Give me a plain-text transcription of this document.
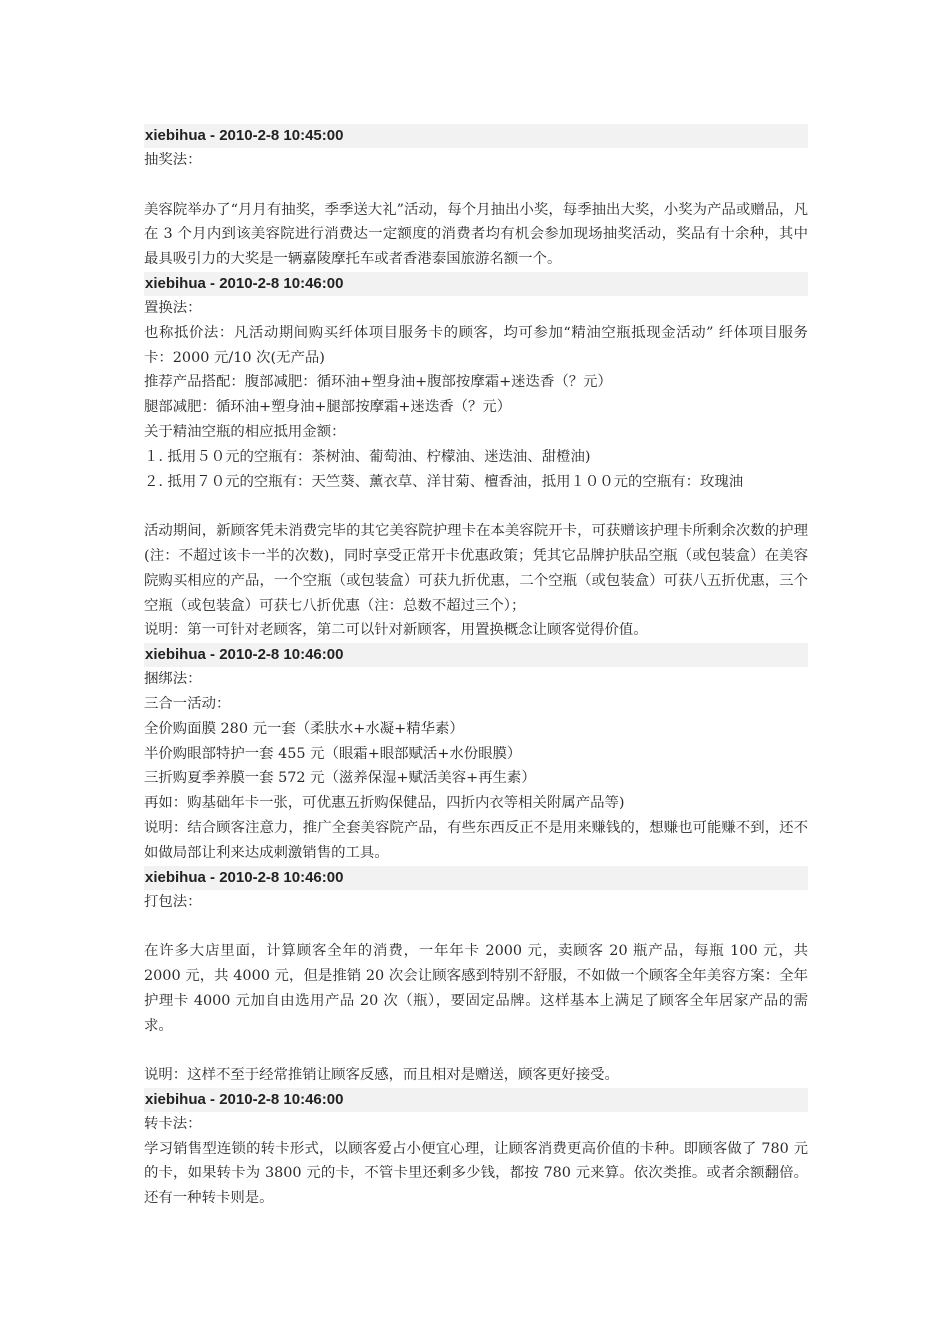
xiebihua - 2010-2-8 10:45:00
抽奖法：
美容院举办了“月月有抽奖，季季送大礼”活动，每个月抽出小奖，每季抽出大奖，小奖为产品或赠品，凡在 3 个月内到该美容院进行消费达一定额度的消费者均有机会参加现场抽奖活动，奖品有十余种，其中最具吸引力的大奖是一辆嘉陵摩托车或者香港泰国旅游名额一个。
xiebihua - 2010-2-8 10:46:00
置换法：
也称抵价法：凡活动期间购买纤体项目服务卡的顾客，均可参加“精油空瓶抵现金活动” 纤体项目服务卡：2000 元/10 次(无产品)
推荐产品搭配：腹部减肥：循环油+塑身油+腹部按摩霜+迷迭香（？元）
腿部减肥：循环油+塑身油+腿部按摩霜+迷迭香（？元）
关于精油空瓶的相应抵用金额：
１. 抵用５０元的空瓶有：茶树油、葡萄油、柠檬油、迷迭油、甜橙油)
２. 抵用７０元的空瓶有：天竺葵、薰衣草、洋甘菊、檀香油，抵用１００元的空瓶有：玫瑰油
活动期间，新顾客凭未消费完毕的其它美容院护理卡在本美容院开卡，可获赠该护理卡所剩余次数的护理(注：不超过该卡一半的次数)，同时享受正常开卡优惠政策；凭其它品牌护肤品空瓶（或包装盒）在美容院购买相应的产品，一个空瓶（或包装盒）可获九折优惠，二个空瓶（或包装盒）可获八五折优惠，三个空瓶（或包装盒）可获七八折优惠（注：总数不超过三个）；
说明：第一可针对老顾客，第二可以针对新顾客，用置换概念让顾客觉得价值。
xiebihua - 2010-2-8 10:46:00
捆绑法：
三合一活动：
全价购面膜 280 元一套（柔肤水+水凝+精华素）
半价购眼部特护一套 455 元（眼霜+眼部赋活+水份眼膜）
三折购夏季养膜一套 572 元（滋养保湿+赋活美容+再生素）
再如：购基础年卡一张，可优惠五折购保健品，四折内衣等相关附属产品等)
说明：结合顾客注意力，推广全套美容院产品，有些东西反正不是用来赚钱的，想赚也可能赚不到，还不如做局部让利来达成刺激销售的工具。
xiebihua - 2010-2-8 10:46:00
打包法：
在许多大店里面，计算顾客全年的消费，一年年卡 2000 元，卖顾客 20 瓶产品，每瓶 100 元，共 2000 元，共 4000 元，但是推销 20 次会让顾客感到特别不舒服，不如做一个顾客全年美容方案：全年护理卡 4000 元加自由选用产品 20 次（瓶），要固定品牌。这样基本上满足了顾客全年居家产品的需求。
说明：这样不至于经常推销让顾客反感，而且相对是赠送，顾客更好接受。
xiebihua - 2010-2-8 10:46:00
转卡法：
学习销售型连锁的转卡形式，以顾客爱占小便宜心理，让顾客消费更高价值的卡种。即顾客做了 780 元的卡，如果转卡为 3800 元的卡，不管卡里还剩多少钱，都按 780 元来算。依次类推。或者余额翻倍。还有一种转卡则是。
